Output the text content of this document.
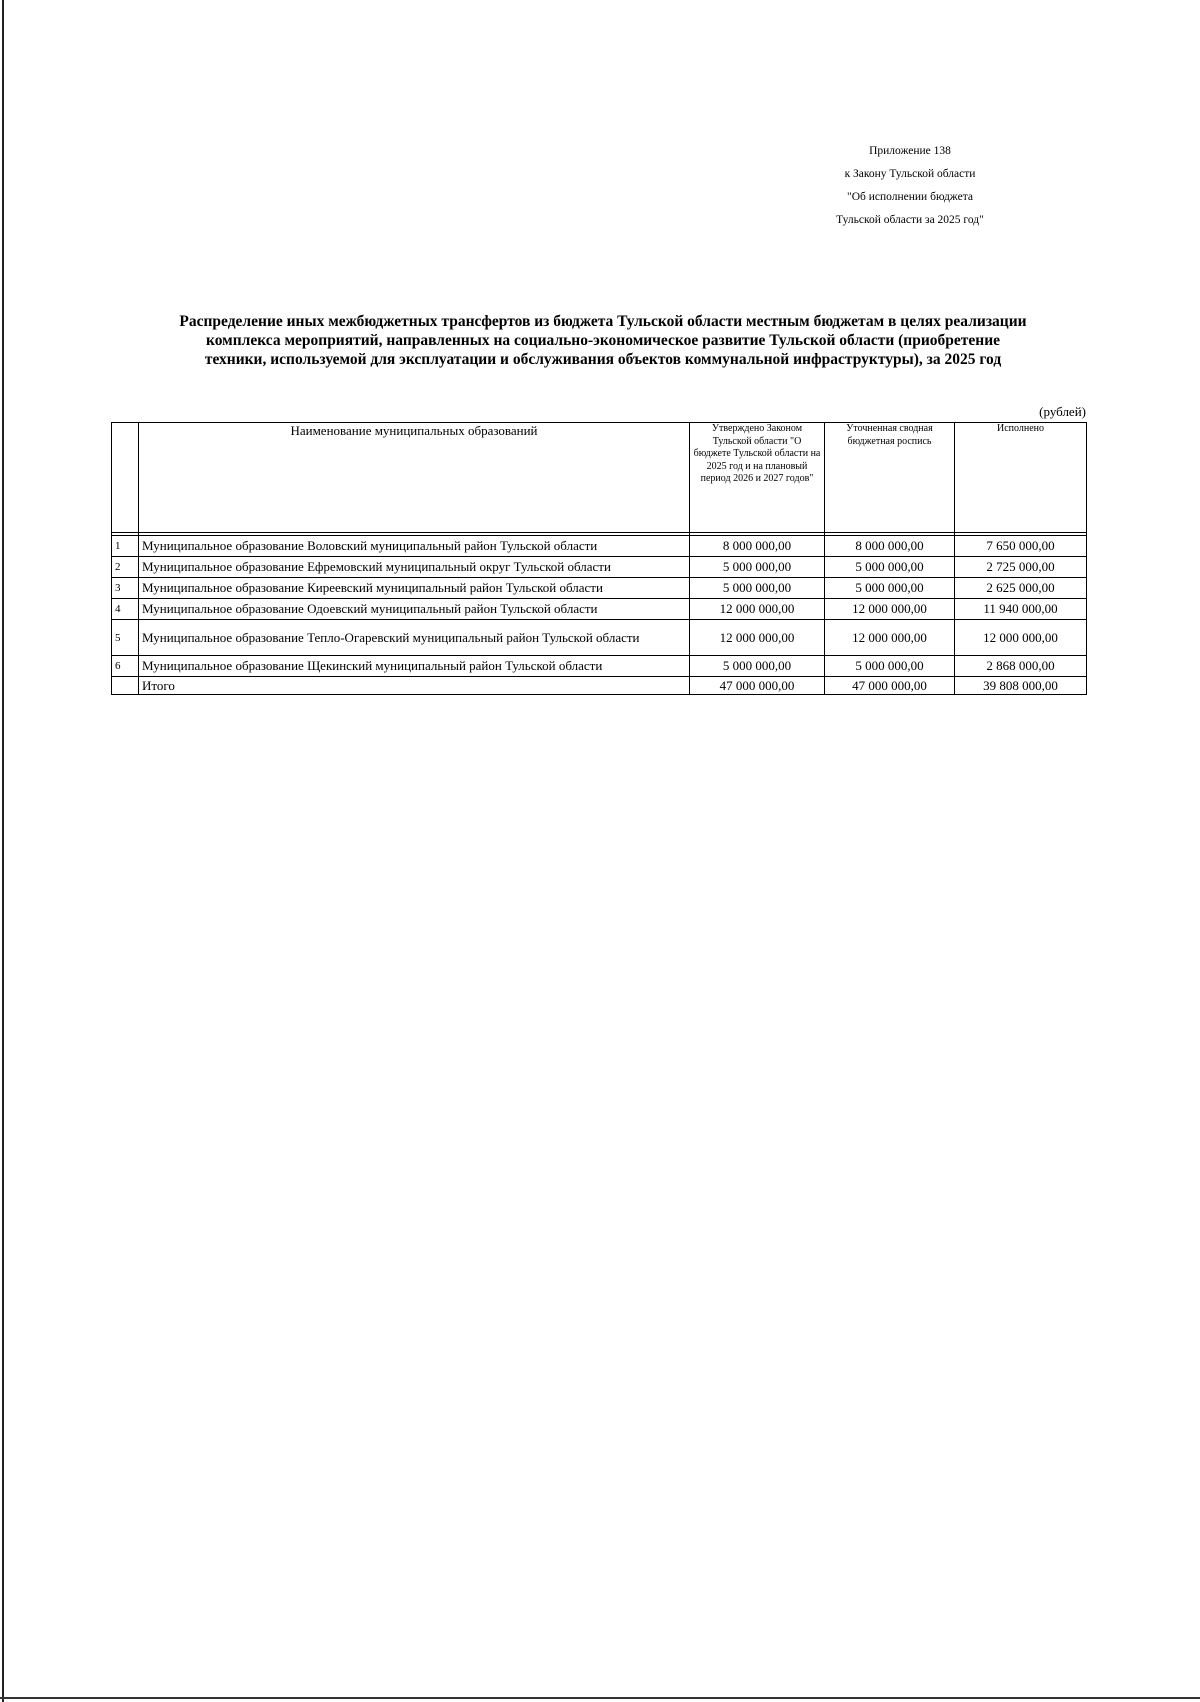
Приложение 138
к Закону Тульской области
"Об исполнении бюджета
Тульской области за 2025 год"
Распределение иных межбюджетных трансфертов из бюджета Тульской области местным бюджетам в целях реализации
комплекса мероприятий, направленных на социально-экономическое развитие Тульской области (приобретение
техники, используемой для эксплуатации и обслуживания объектов коммунальной инфраструктуры), за 2025 год
(рублей)
	Наименование муниципальных образований	Утверждено Законом Тульской области "О бюджете Тульской области на 2025 год и на плановый период 2026 и 2027 годов"	Уточненная сводная бюджетная роспись	Исполнено

1	Муниципальное образование Воловский муниципальный район Тульской области	8 000 000,00	8 000 000,00	7 650 000,00
2	Муниципальное образование Ефремовский муниципальный округ Тульской области	5 000 000,00	5 000 000,00	2 725 000,00
3	Муниципальное образование Киреевский муниципальный район Тульской области	5 000 000,00	5 000 000,00	2 625 000,00
4	Муниципальное образование Одоевский муниципальный район Тульской области	12 000 000,00	12 000 000,00	11 940 000,00
5	Муниципальное образование Тепло-Огаревский муниципальный район Тульской области	12 000 000,00	12 000 000,00	12 000 000,00
6	Муниципальное образование Щекинский муниципальный район Тульской области	5 000 000,00	5 000 000,00	2 868 000,00
	Итого	47 000 000,00	47 000 000,00	39 808 000,00
